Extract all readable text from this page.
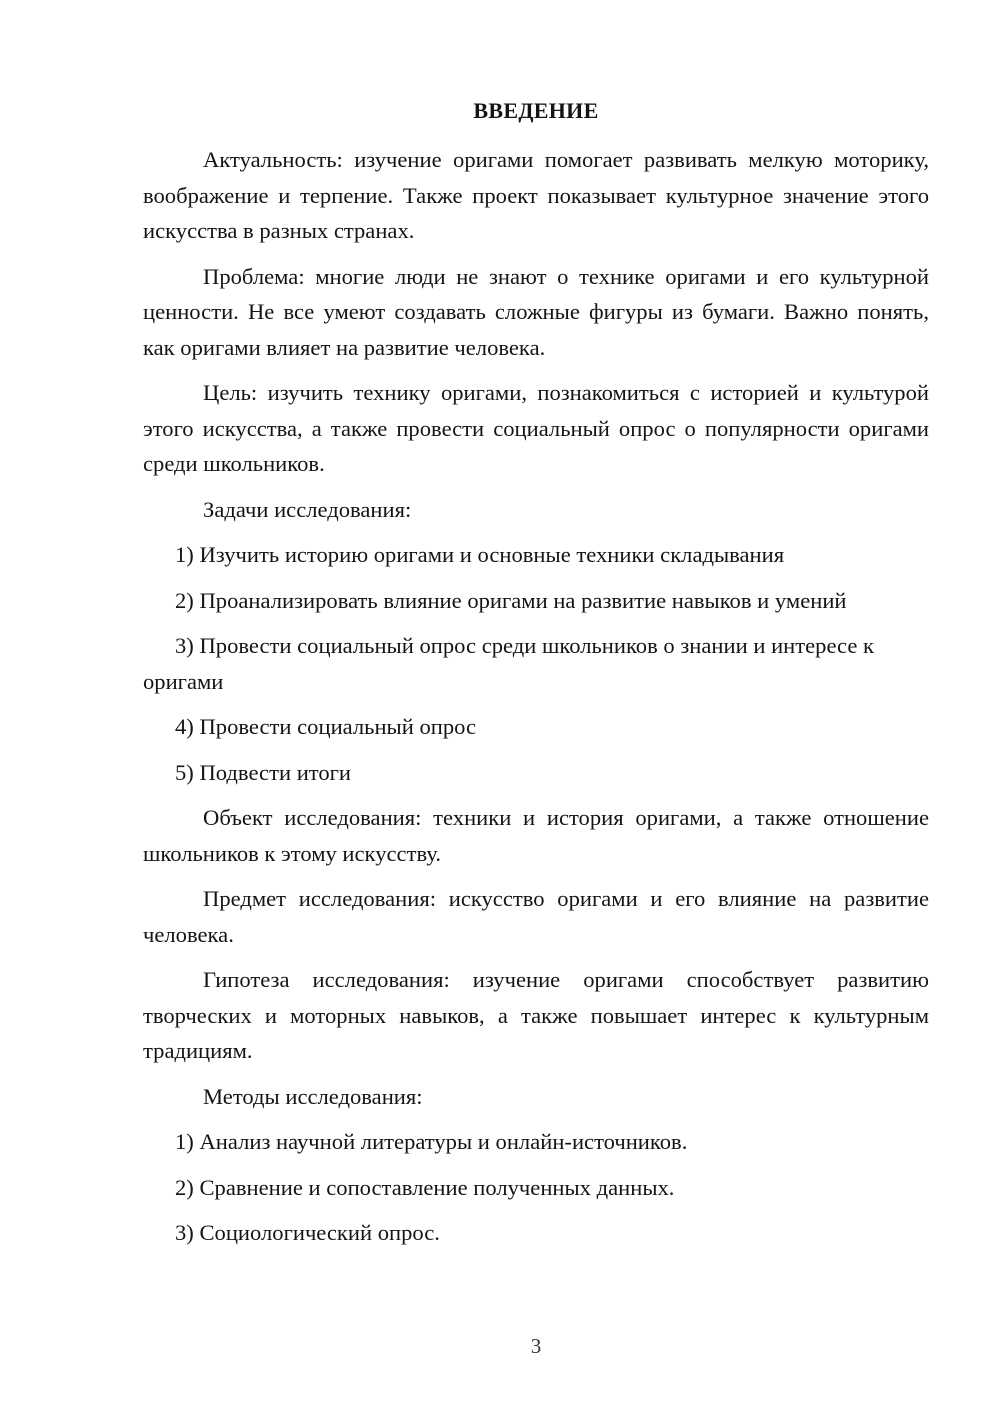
ВВЕДЕНИЕ

Актуальность: изучение оригами помогает развивать мелкую моторику, воображение и терпение. Также проект показывает культурное значение этого искусства в разных странах.

Проблема: многие люди не знают о технике оригами и его культурной ценности. Не все умеют создавать сложные фигуры из бумаги. Важно понять, как оригами влияет на развитие человека.

Цель: изучить технику оригами, познакомиться с историей и культурой этого искусства, а также провести социальный опрос о популярности оригами среди школьников.

Задачи исследования:

1) Изучить историю оригами и основные техники складывания

2) Проанализировать влияние оригами на развитие навыков и умений

3) Провести социальный опрос среди школьников о знании и интересе к оригами

4) Провести социальный опрос

5) Подвести итоги

Объект исследования: техники и история оригами, а также отношение школьников к этому искусству.

Предмет исследования: искусство оригами и его влияние на развитие человека.

Гипотеза исследования: изучение оригами способствует развитию творческих и моторных навыков, а также повышает интерес к культурным традициям.

Методы исследования:

1) Анализ научной литературы и онлайн-источников.

2) Сравнение и сопоставление полученных данных.

3) Социологический опрос.

3
